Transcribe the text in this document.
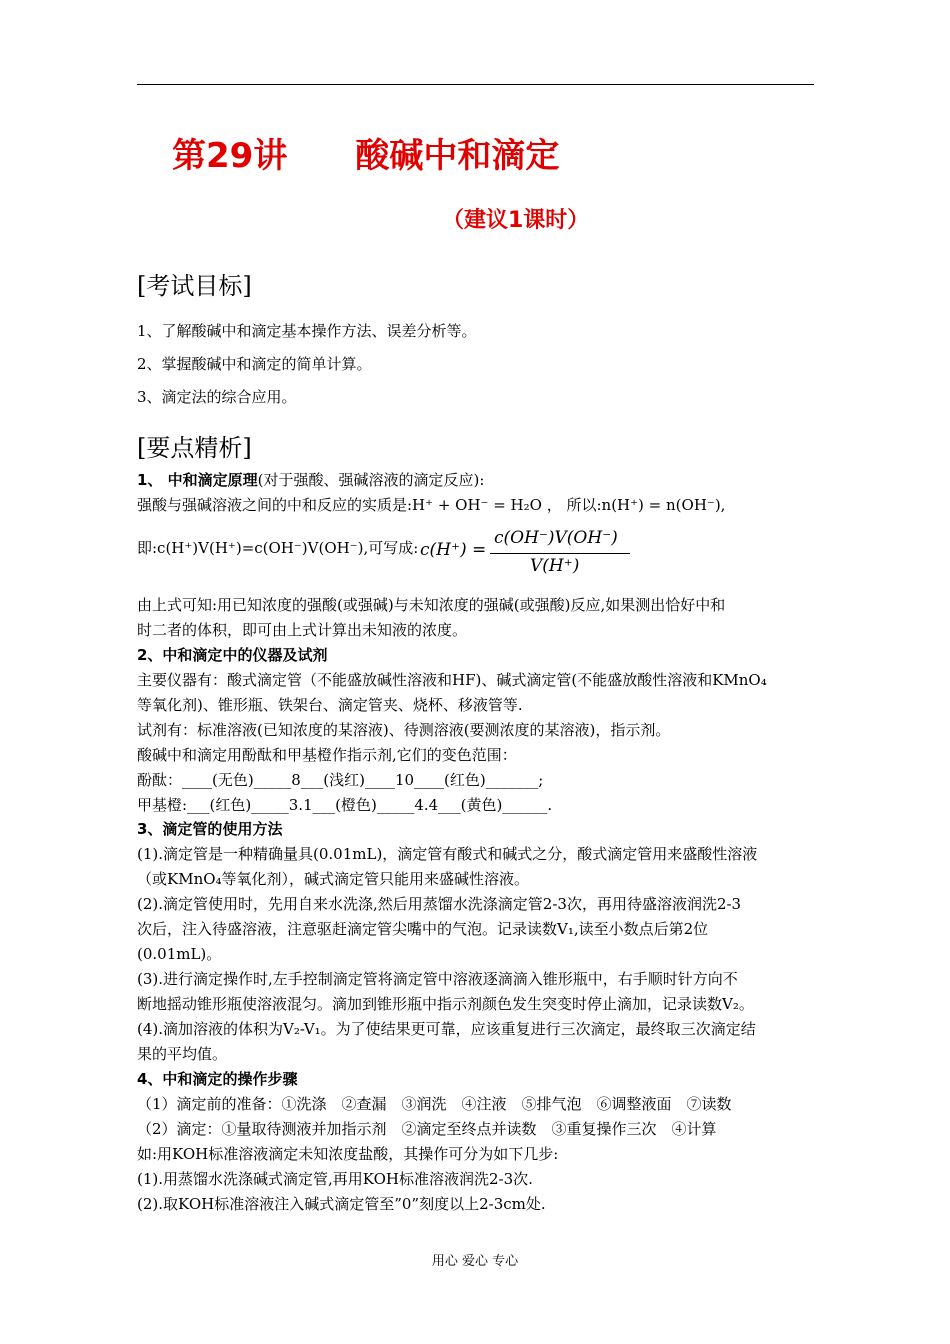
第29讲 酸碱中和滴定
（建议1课时）
[考试目标]
1、了解酸碱中和滴定基本操作方法、误差分析等。
2、掌握酸碱中和滴定的简单计算。
3、滴定法的综合应用。
[要点精析]
1、 中和滴定原理(对于强酸、强碱溶液的滴定反应):
强酸与强碱溶液之间的中和反应的实质是:H⁺ + OH⁻ = H₂O ， 所以:n(H⁺) = n(OH⁻),
即:c(H⁺)V(H⁺)=c(OH⁻)V(OH⁻),可写成: c(H⁺) =
c(OH⁻)V(OH⁻)
V(H⁺)
由上式可知:用已知浓度的强酸(或强碱)与未知浓度的强碱(或强酸)反应,如果测出恰好中和
时二者的体积，即可由上式计算出未知液的浓度。
2、中和滴定中的仪器及试剂
主要仪器有：酸式滴定管（不能盛放碱性溶液和HF)、碱式滴定管(不能盛放酸性溶液和KMnO₄
等氧化剂)、锥形瓶、铁架台、滴定管夹、烧杯、移液管等.
试剂有：标准溶液(已知浓度的某溶液)、待测溶液(要测浓度的某溶液)，指示剂。
酸碱中和滴定用酚酞和甲基橙作指示剂,它们的变色范围：
酚酞：____(无色)_____8___(浅红)____10____(红色)_______;
甲基橙:___(红色)_____3.1___(橙色)_____4.4___(黄色)______.
3、滴定管的使用方法
(1).滴定管是一种精确量具(0.01mL)，滴定管有酸式和碱式之分，酸式滴定管用来盛酸性溶液
（或KMnO₄等氧化剂），碱式滴定管只能用来盛碱性溶液。
(2).滴定管使用时，先用自来水洗涤,然后用蒸馏水洗涤滴定管2-3次，再用待盛溶液润洗2-3
次后，注入待盛溶液，注意驱赶滴定管尖嘴中的气泡。记录读数V₁,读至小数点后第2位
(0.01mL)。
(3).进行滴定操作时,左手控制滴定管将滴定管中溶液逐滴滴入锥形瓶中，右手顺时针方向不
断地摇动锥形瓶使溶液混匀。滴加到锥形瓶中指示剂颜色发生突变时停止滴加，记录读数V₂。
(4).滴加溶液的体积为V₂-V₁。为了使结果更可靠，应该重复进行三次滴定，最终取三次滴定结
果的平均值。
4、中和滴定的操作步骤
（1）滴定前的准备：①洗涤　②查漏　③润洗　④注液　⑤排气泡　⑥调整液面　⑦读数
（2）滴定：①量取待测液并加指示剂　②滴定至终点并读数　③重复操作三次　④计算
如:用KOH标准溶液滴定未知浓度盐酸，其操作可分为如下几步:
(1).用蒸馏水洗涤碱式滴定管,再用KOH标准溶液润洗2-3次.
(2).取KOH标准溶液注入碱式滴定管至”0”刻度以上2-3cm处.
用心 爱心 专心
